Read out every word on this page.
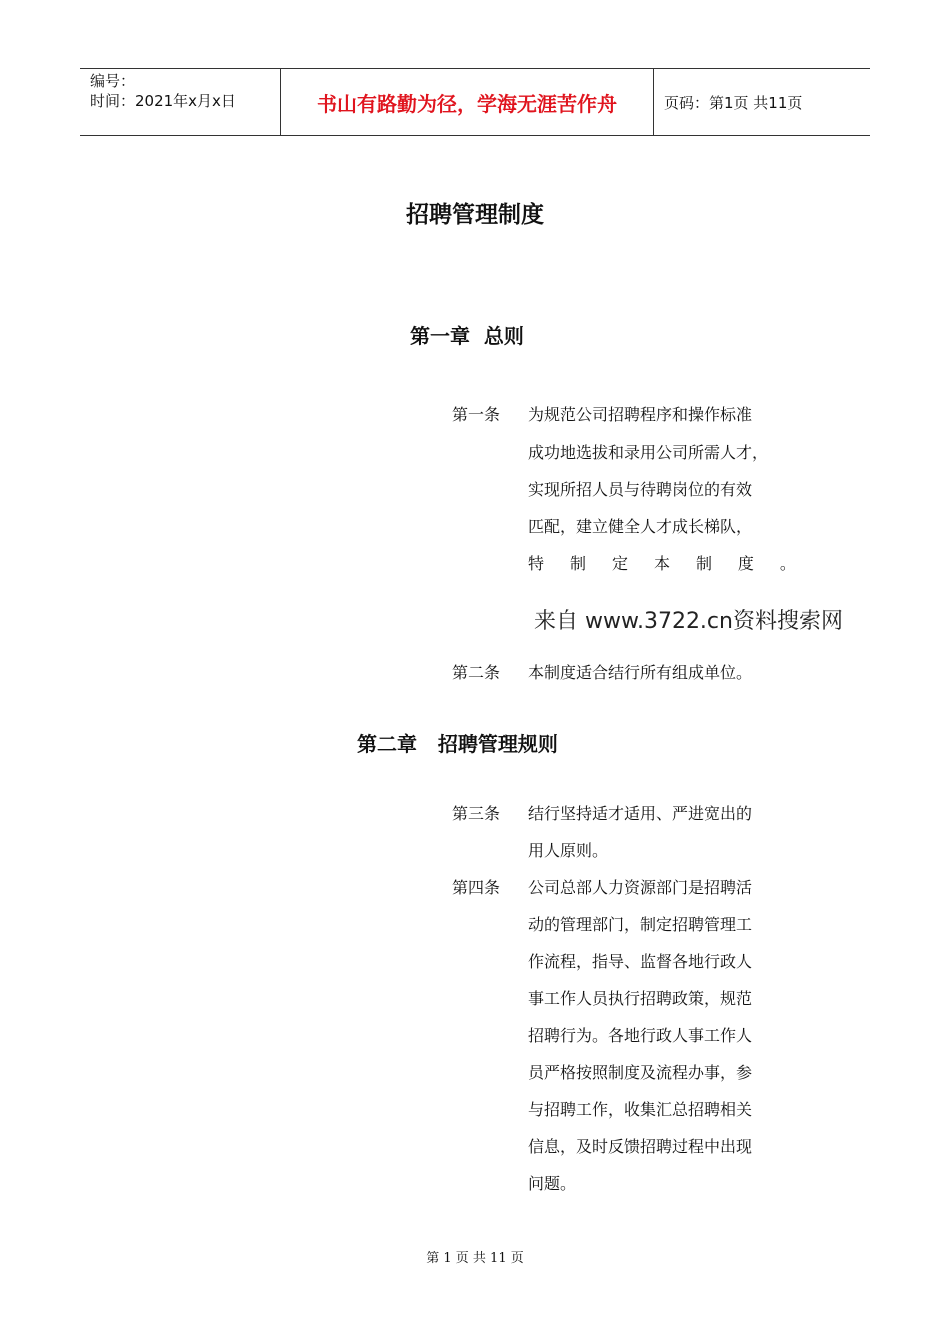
编号：
时间：2021年x月x日	书山有路勤为径，学海无涯苦作舟	页码：第1页 共11页
招聘管理制度
第一章  总则
第一条 为规范公司招聘程序和操作标准
成功地选拔和录用公司所需人才，
实现所招人员与待聘岗位的有效
匹配，建立健全人才成长梯队，
特 制 定 本 制 度 。
来自 www.3722.cn资料搜索网
第二条 本制度适合结行所有组成单位。
第二章   招聘管理规则
第三条 结行坚持适才适用、严进宽出的
用人原则。
第四条 公司总部人力资源部门是招聘活
动的管理部门，制定招聘管理工
作流程，指导、监督各地行政人
事工作人员执行招聘政策，规范
招聘行为。各地行政人事工作人
员严格按照制度及流程办事，参
与招聘工作，收集汇总招聘相关
信息，及时反馈招聘过程中出现
问题。
第 1 页 共 11 页
